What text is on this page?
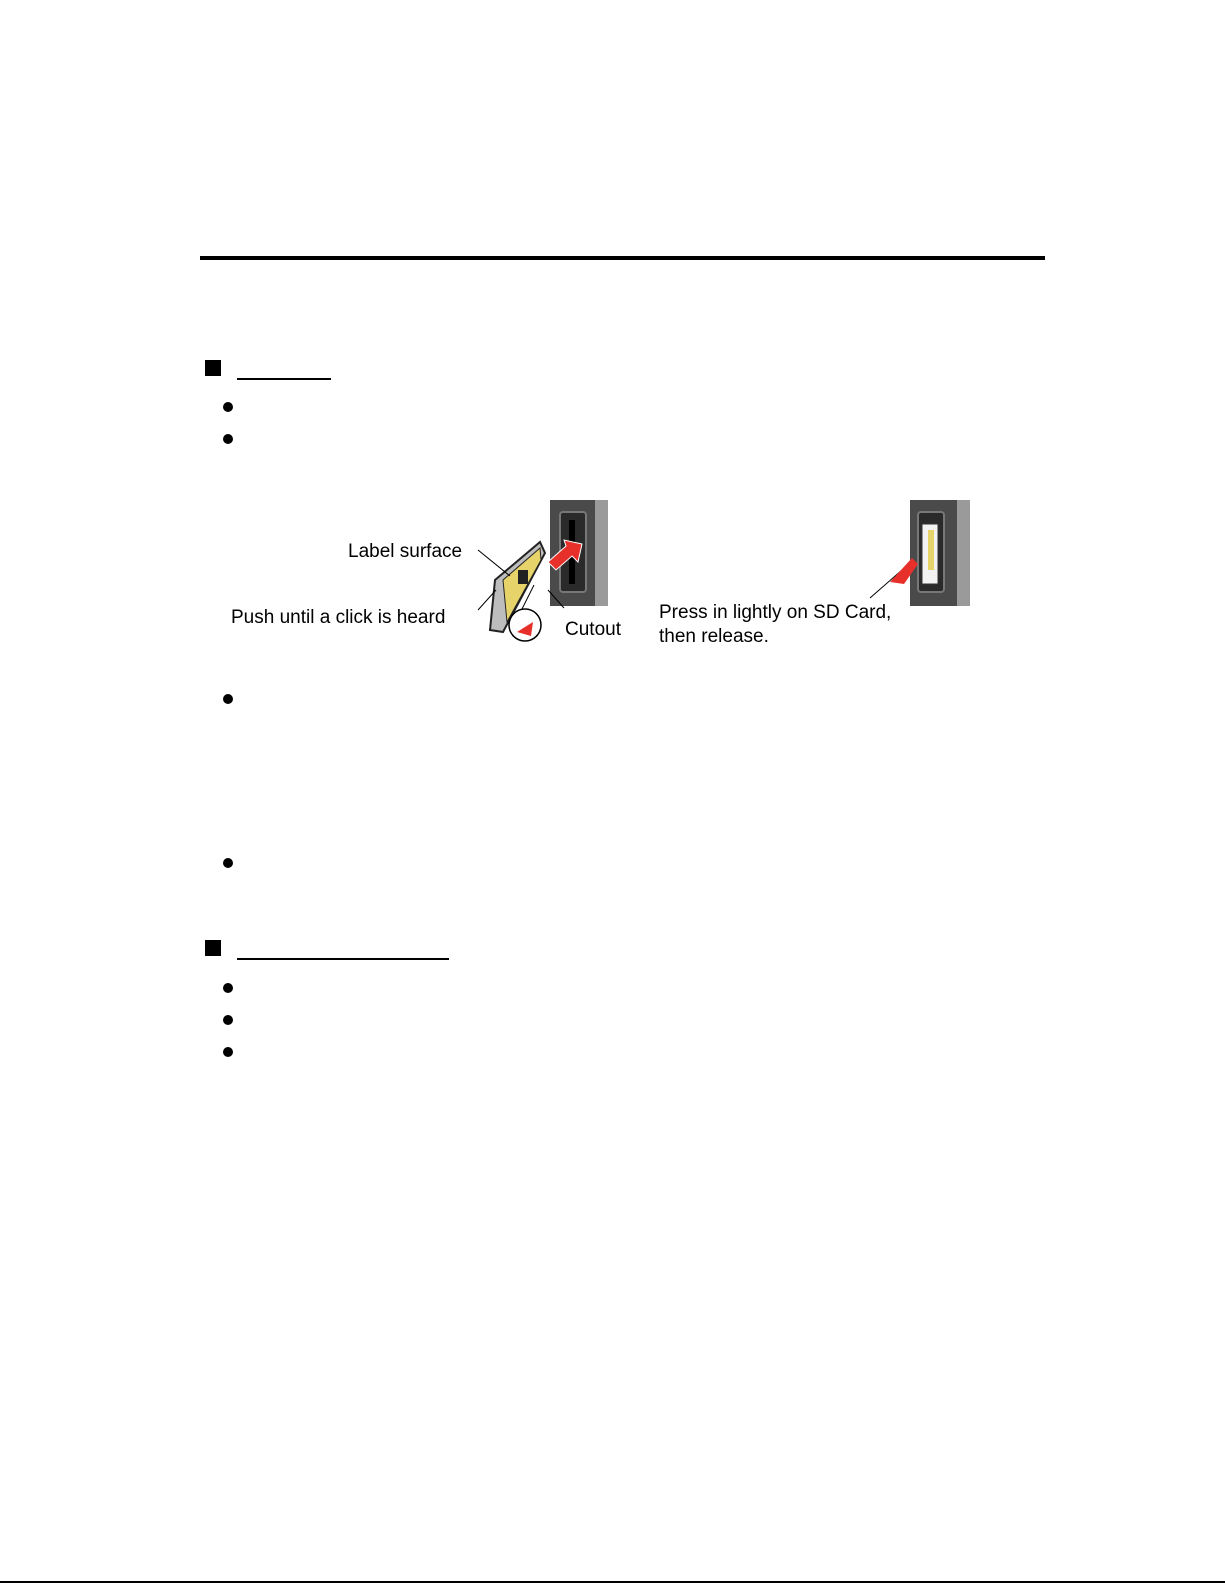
Label surface
Push until a click is heard
Cutout
Press in lightly on SD Card,
then release.
